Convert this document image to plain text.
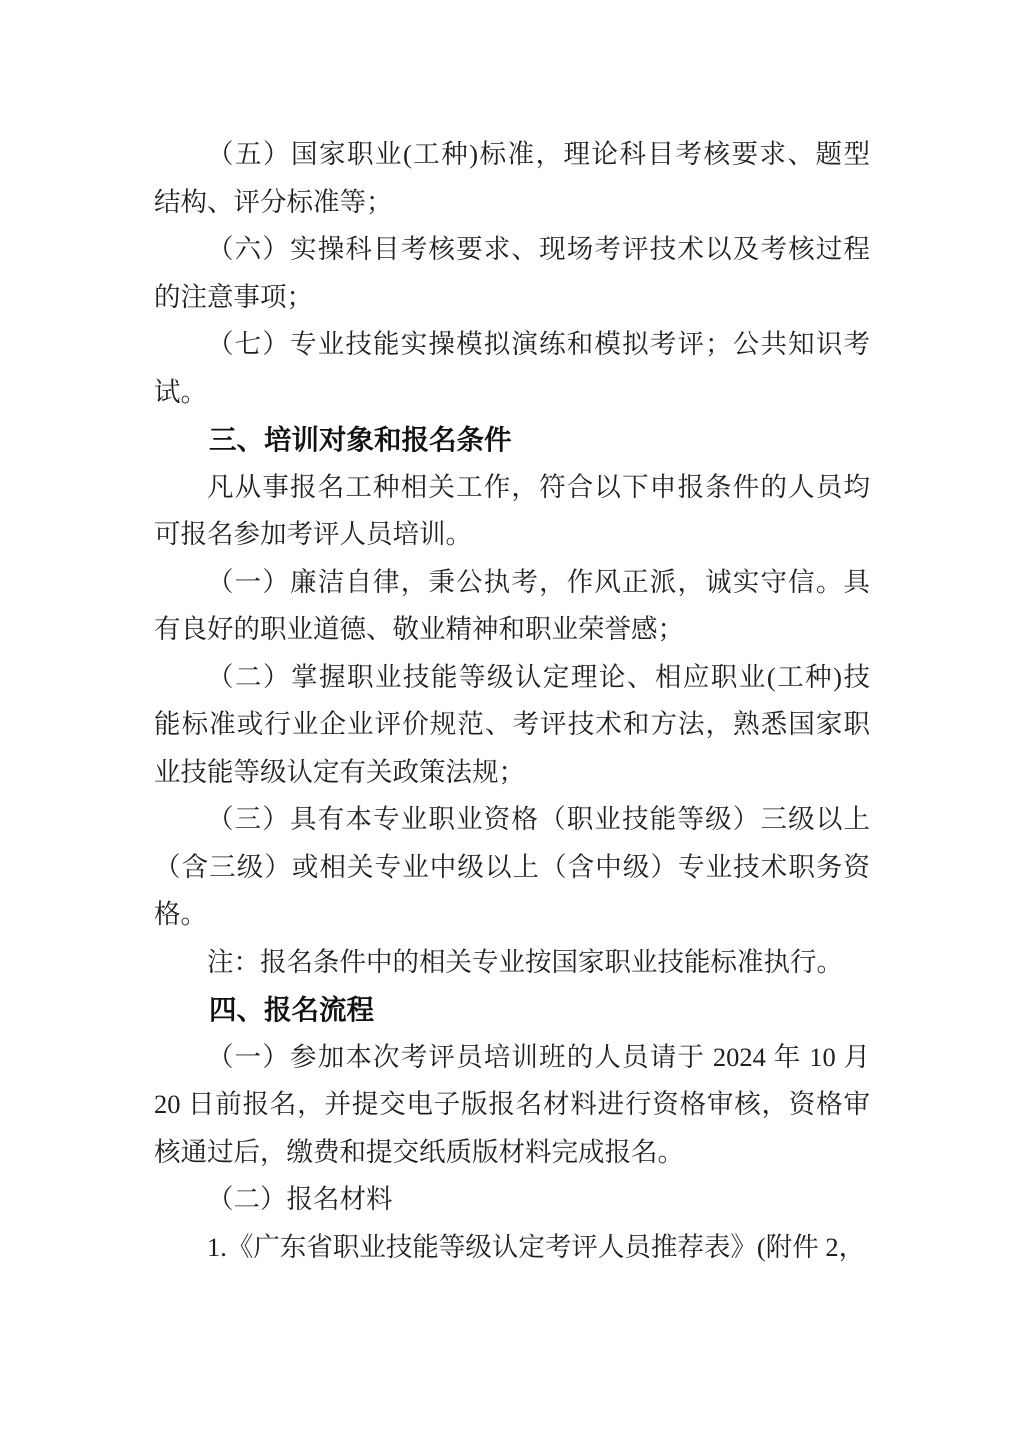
（五）国家职业(工种)标准，理论科目考核要求、题型
结构、评分标准等；
（六）实操科目考核要求、现场考评技术以及考核过程
的注意事项；
（七）专业技能实操模拟演练和模拟考评；公共知识考
试。
三、培训对象和报名条件
凡从事报名工种相关工作，符合以下申报条件的人员均
可报名参加考评人员培训。
（一）廉洁自律，秉公执考，作风正派，诚实守信。具
有良好的职业道德、敬业精神和职业荣誉感；
（二）掌握职业技能等级认定理论、相应职业(工种)技
能标准或行业企业评价规范、考评技术和方法，熟悉国家职
业技能等级认定有关政策法规；
（三）具有本专业职业资格（职业技能等级）三级以上
（含三级）或相关专业中级以上（含中级）专业技术职务资
格。
注：报名条件中的相关专业按国家职业技能标准执行。
四、报名流程
（一）参加本次考评员培训班的人员请于 2024 年 10 月
20 日前报名，并提交电子版报名材料进行资格审核，资格审
核通过后，缴费和提交纸质版材料完成报名。
（二）报名材料
1.《广东省职业技能等级认定考评人员推荐表》(附件 2，
